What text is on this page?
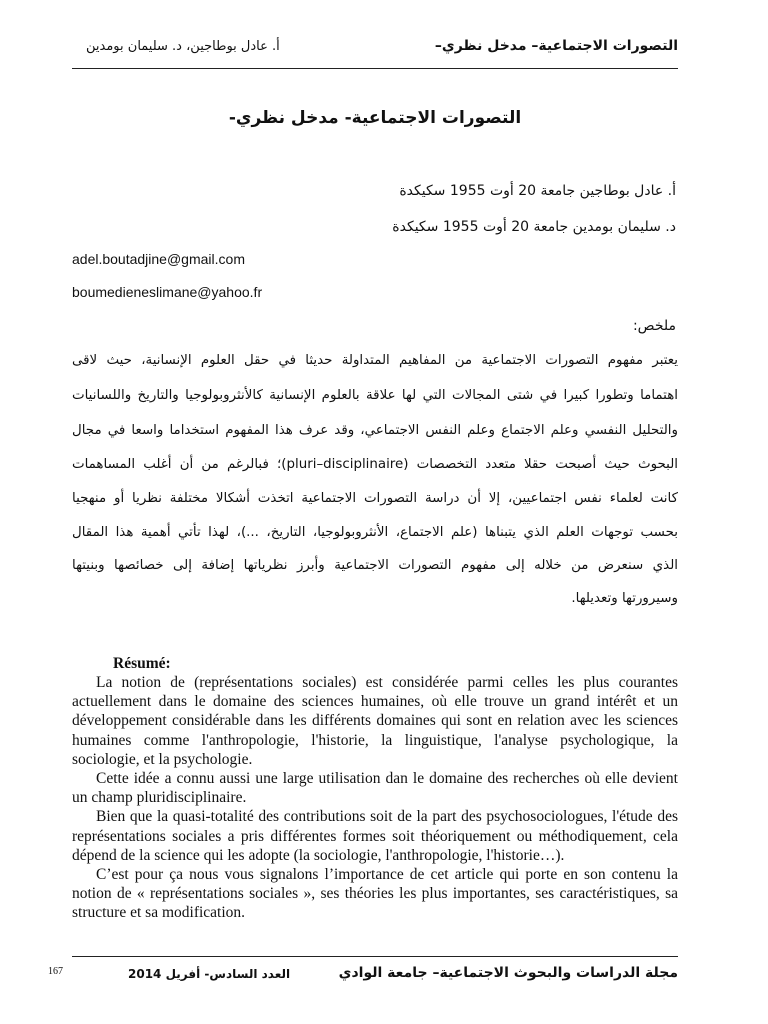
التصورات الاجتماعية– مدخل نظري–
أ. عادل بوطاجين، د. سليمان بومدين
التصورات الاجتماعية- مدخل نظري-
أ. عادل بوطاجين جامعة 20 أوت 1955 سكيكدة
د. سليمان بومدين جامعة 20 أوت 1955 سكيكدة
adel.boutadjine@gmail.com
boumedieneslimane@yahoo.fr
ملخص:
يعتبر مفهوم التصورات الاجتماعية من المفاهيم المتداولة حديثا في حقل العلوم الإنسانية، حيث لاقى
اهتماما وتطورا كبيرا في شتى المجالات التي لها علاقة بالعلوم الإنسانية كالأنثروبولوجيا والتاريخ واللسانيات
والتحليل النفسي وعلم الاجتماع وعلم النفس الاجتماعي، وقد عرف هذا المفهوم استخداما واسعا في مجال
البحوث حيث أصبحت حقلا متعدد التخصصات (pluri–disciplinaire)؛ فبالرغم من أن أغلب المساهمات
كانت لعلماء نفس اجتماعيين، إلا أن دراسة التصورات الاجتماعية اتخذت أشكالا مختلفة نظريا أو منهجيا
بحسب توجهات العلم الذي يتبناها (علم الاجتماع، الأنثروبولوجيا، التاريخ، ...)، لهذا تأتي أهمية هذا المقال
الذي سنعرض من خلاله إلى مفهوم التصورات الاجتماعية وأبرز نظرياتها إضافة إلى خصائصها وبنيتها
وسيرورتها وتعديلها.
Résumé:

La notion de (représentations sociales) est considérée parmi celles les plus courantes actuellement dans le domaine des sciences humaines, où elle trouve un grand intérêt et un développement considérable dans les différents domaines qui sont en relation avec les sciences humaines comme l'anthropologie, l'historie, la linguistique, l'analyse psychologique, la sociologie, et la psychologie.

Cette idée a connu aussi une large utilisation dan le domaine des recherches où elle devient un champ pluridisciplinaire.

Bien que la quasi-totalité des contributions soit de la part des psychosociologues, l'étude des représentations sociales a pris différentes formes soit théoriquement ou méthodiquement, cela dépend de la science qui les adopte (la sociologie, l'anthropologie, l'historie…).

C’est pour ça nous vous signalons l’importance de cet article qui porte en son contenu la notion de « représentations sociales », ses théories les plus importantes, ses caractéristiques, sa structure et sa modification.

167	مجلة الدراسات والبحوث الاجتماعية– جامعة الوادي
العدد السادس- أفريل 2014
